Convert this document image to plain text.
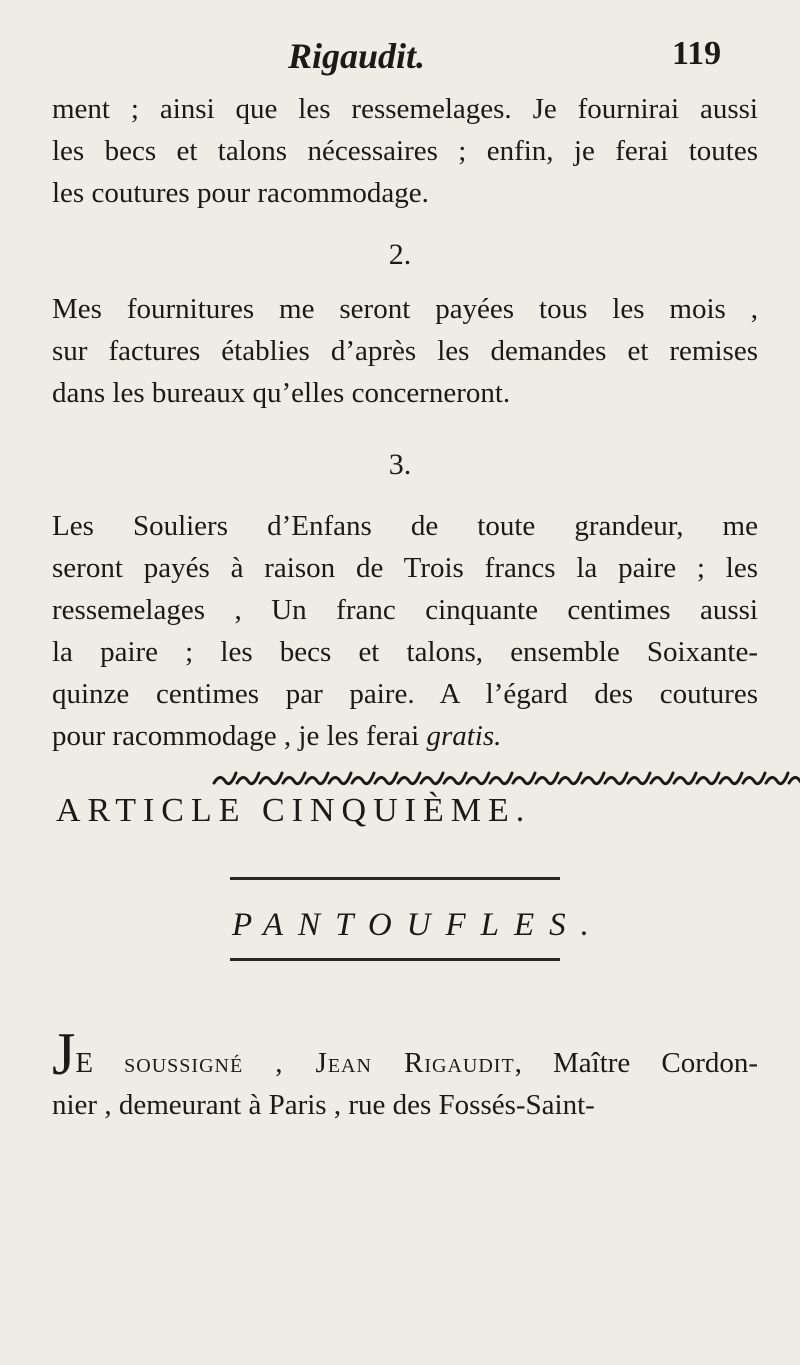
Rigaudit.	119
ment ; ainsi que les ressemelages. Je fournirai aussi
les becs et talons nécessaires ; enfin, je ferai toutes
les coutures pour racommodage.
2.
Mes fournitures me seront payées tous les mois ,
sur factures établies d’après les demandes et remises
dans les bureaux qu’elles concerneront.
3.
Les Souliers d’Enfans de toute grandeur, me
seront payés à raison de Trois francs la paire ; les
ressemelages , Un franc cinquante centimes aussi
la paire ; les becs et talons, ensemble Soixante-
quinze centimes par paire. A l’égard des coutures
pour racommodage , je les ferai gratis.
ARTICLE CINQUIÈME.
PANTOUFLES.
JE soussigné , Jean Rigaudit, Maître Cordon-
nier , demeurant à Paris , rue des Fossés-Saint-
